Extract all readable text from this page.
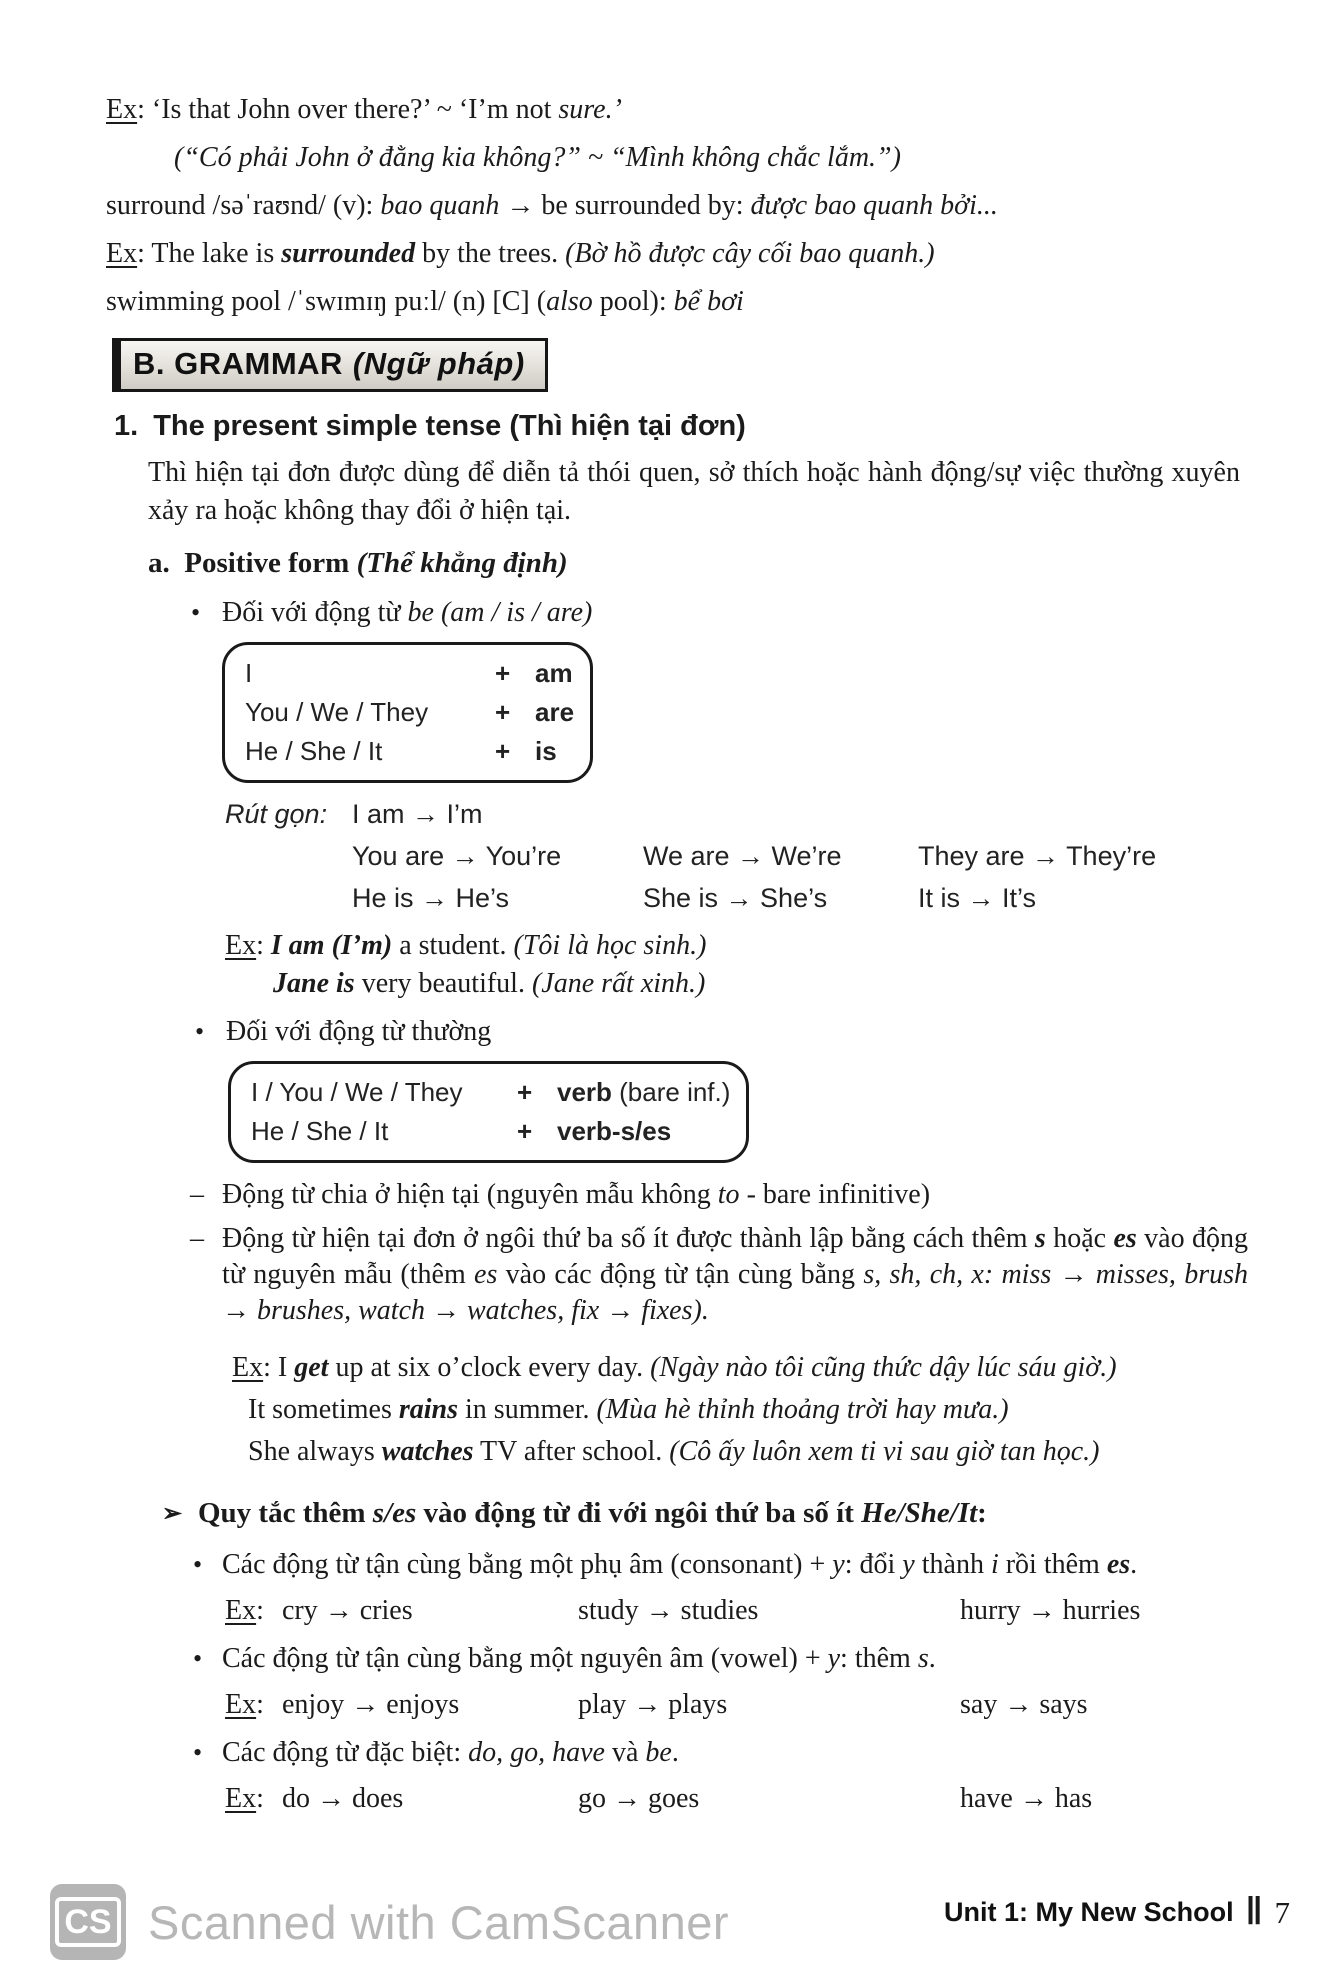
Ex: ‘Is that John over there?’ ~ ‘I’m not sure.’

(“Có phải John ở đằng kia không?” ~ “Mình không chắc lắm.”)

surround /səˈraʊnd/ (v): bao quanh → be surrounded by: được bao quanh bởi...

Ex: The lake is surrounded by the trees. (Bờ hồ được cây cối bao quanh.)

swimming pool /ˈswɪmɪŋ puːl/ (n) [C] (also pool): bể bơi

B. GRAMMAR (Ngữ pháp)
1. The present simple tense (Thì hiện tại đơn)

Thì hiện tại đơn được dùng để diễn tả thói quen, sở thích hoặc hành động/sự việc thường xuyên xảy ra hoặc không thay đổi ở hiện tại.

a. Positive form (Thể khẳng định)

• Đối với động từ be (am / is / are)
I	+ am
You / We / They	+ are
He / She / It	+ is
Rút gọn: I am → I’m
You are → You’re	We are → We’re	They are → They’re
He is → He’s	She is → She’s	It is → It’s

Ex: I am (I’m) a student. (Tôi là học sinh.)

Jane is very beautiful. (Jane rất xinh.)

• Đối với động từ thường
I / You / We / They	+ verb (bare inf.)
He / She / It	+ verb-s/es
– Động từ chia ở hiện tại (nguyên mẫu không to - bare infinitive)
– Động từ hiện tại đơn ở ngôi thứ ba số ít được thành lập bằng cách thêm s hoặc es vào động từ nguyên mẫu (thêm es vào các động từ tận cùng bằng s, sh, ch, x: miss → misses, brush → brushes, watch → watches, fix → fixes).

Ex: I get up at six o’clock every day. (Ngày nào tôi cũng thức dậy lúc sáu giờ.)

It sometimes rains in summer. (Mùa hè thỉnh thoảng trời hay mưa.)

She always watches TV after school. (Cô ấy luôn xem ti vi sau giờ tan học.)

➢ Quy tắc thêm s/es vào động từ đi với ngôi thứ ba số ít He/She/It:
• Các động từ tận cùng bằng một phụ âm (consonant) + y: đổi y thành i rồi thêm es.
Ex: cry → cries	study → studies	hurry → hurries
• Các động từ tận cùng bằng một nguyên âm (vowel) + y: thêm s.
Ex: enjoy → enjoys	play → plays	say → says
• Các động từ đặc biệt: do, go, have và be.
Ex: do → does	go → goes	have → has
CS Scanned with CamScanner	Unit 1: My New School ‖ 7
